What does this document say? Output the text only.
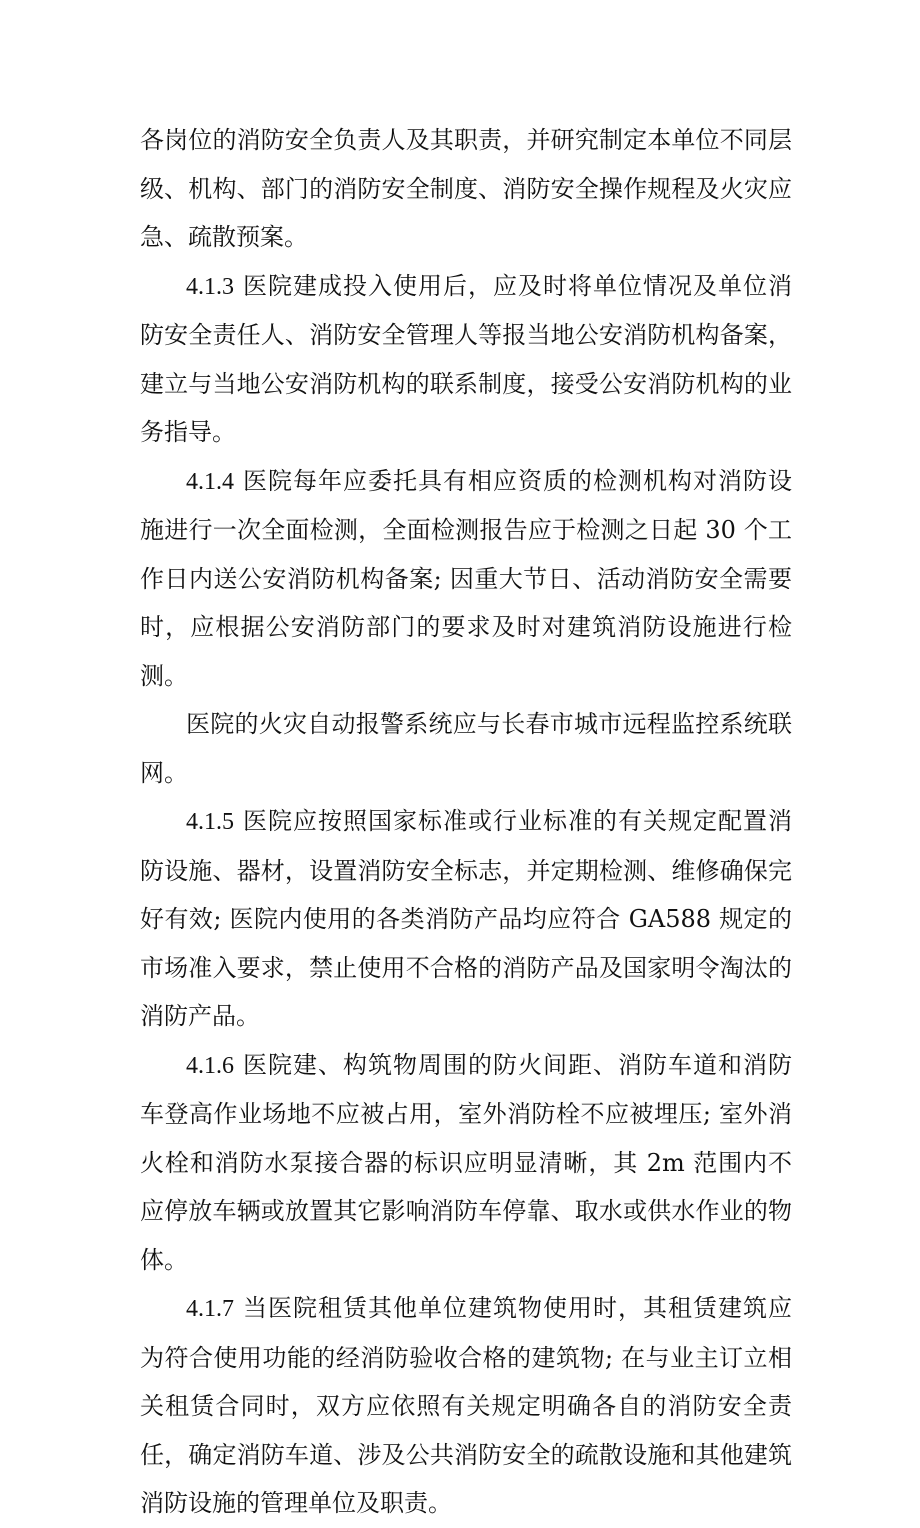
各岗位的消防安全负责人及其职责，并研究制定本单位不同层级、机构、部门的消防安全制度、消防安全操作规程及火灾应急、疏散预案。

4.1.3 医院建成投入使用后，应及时将单位情况及单位消防安全责任人、消防安全管理人等报当地公安消防机构备案，建立与当地公安消防机构的联系制度，接受公安消防机构的业务指导。

4.1.4 医院每年应委托具有相应资质的检测机构对消防设施进行一次全面检测，全面检测报告应于检测之日起 30 个工作日内送公安消防机构备案; 因重大节日、活动消防安全需要时，应根据公安消防部门的要求及时对建筑消防设施进行检测。

医院的火灾自动报警系统应与长春市城市远程监控系统联网。

4.1.5 医院应按照国家标准或行业标准的有关规定配置消防设施、器材，设置消防安全标志，并定期检测、维修确保完好有效; 医院内使用的各类消防产品均应符合 GA588 规定的市场准入要求，禁止使用不合格的消防产品及国家明令淘汰的消防产品。

4.1.6 医院建、构筑物周围的防火间距、消防车道和消防车登高作业场地不应被占用，室外消防栓不应被埋压; 室外消火栓和消防水泵接合器的标识应明显清晰，其 2m 范围内不应停放车辆或放置其它影响消防车停靠、取水或供水作业的物体。

4.1.7 当医院租赁其他单位建筑物使用时，其租赁建筑应为符合使用功能的经消防验收合格的建筑物; 在与业主订立相关租赁合同时，双方应依照有关规定明确各自的消防安全责任，确定消防车道、涉及公共消防安全的疏散设施和其他建筑消防设施的管理单位及职责。
